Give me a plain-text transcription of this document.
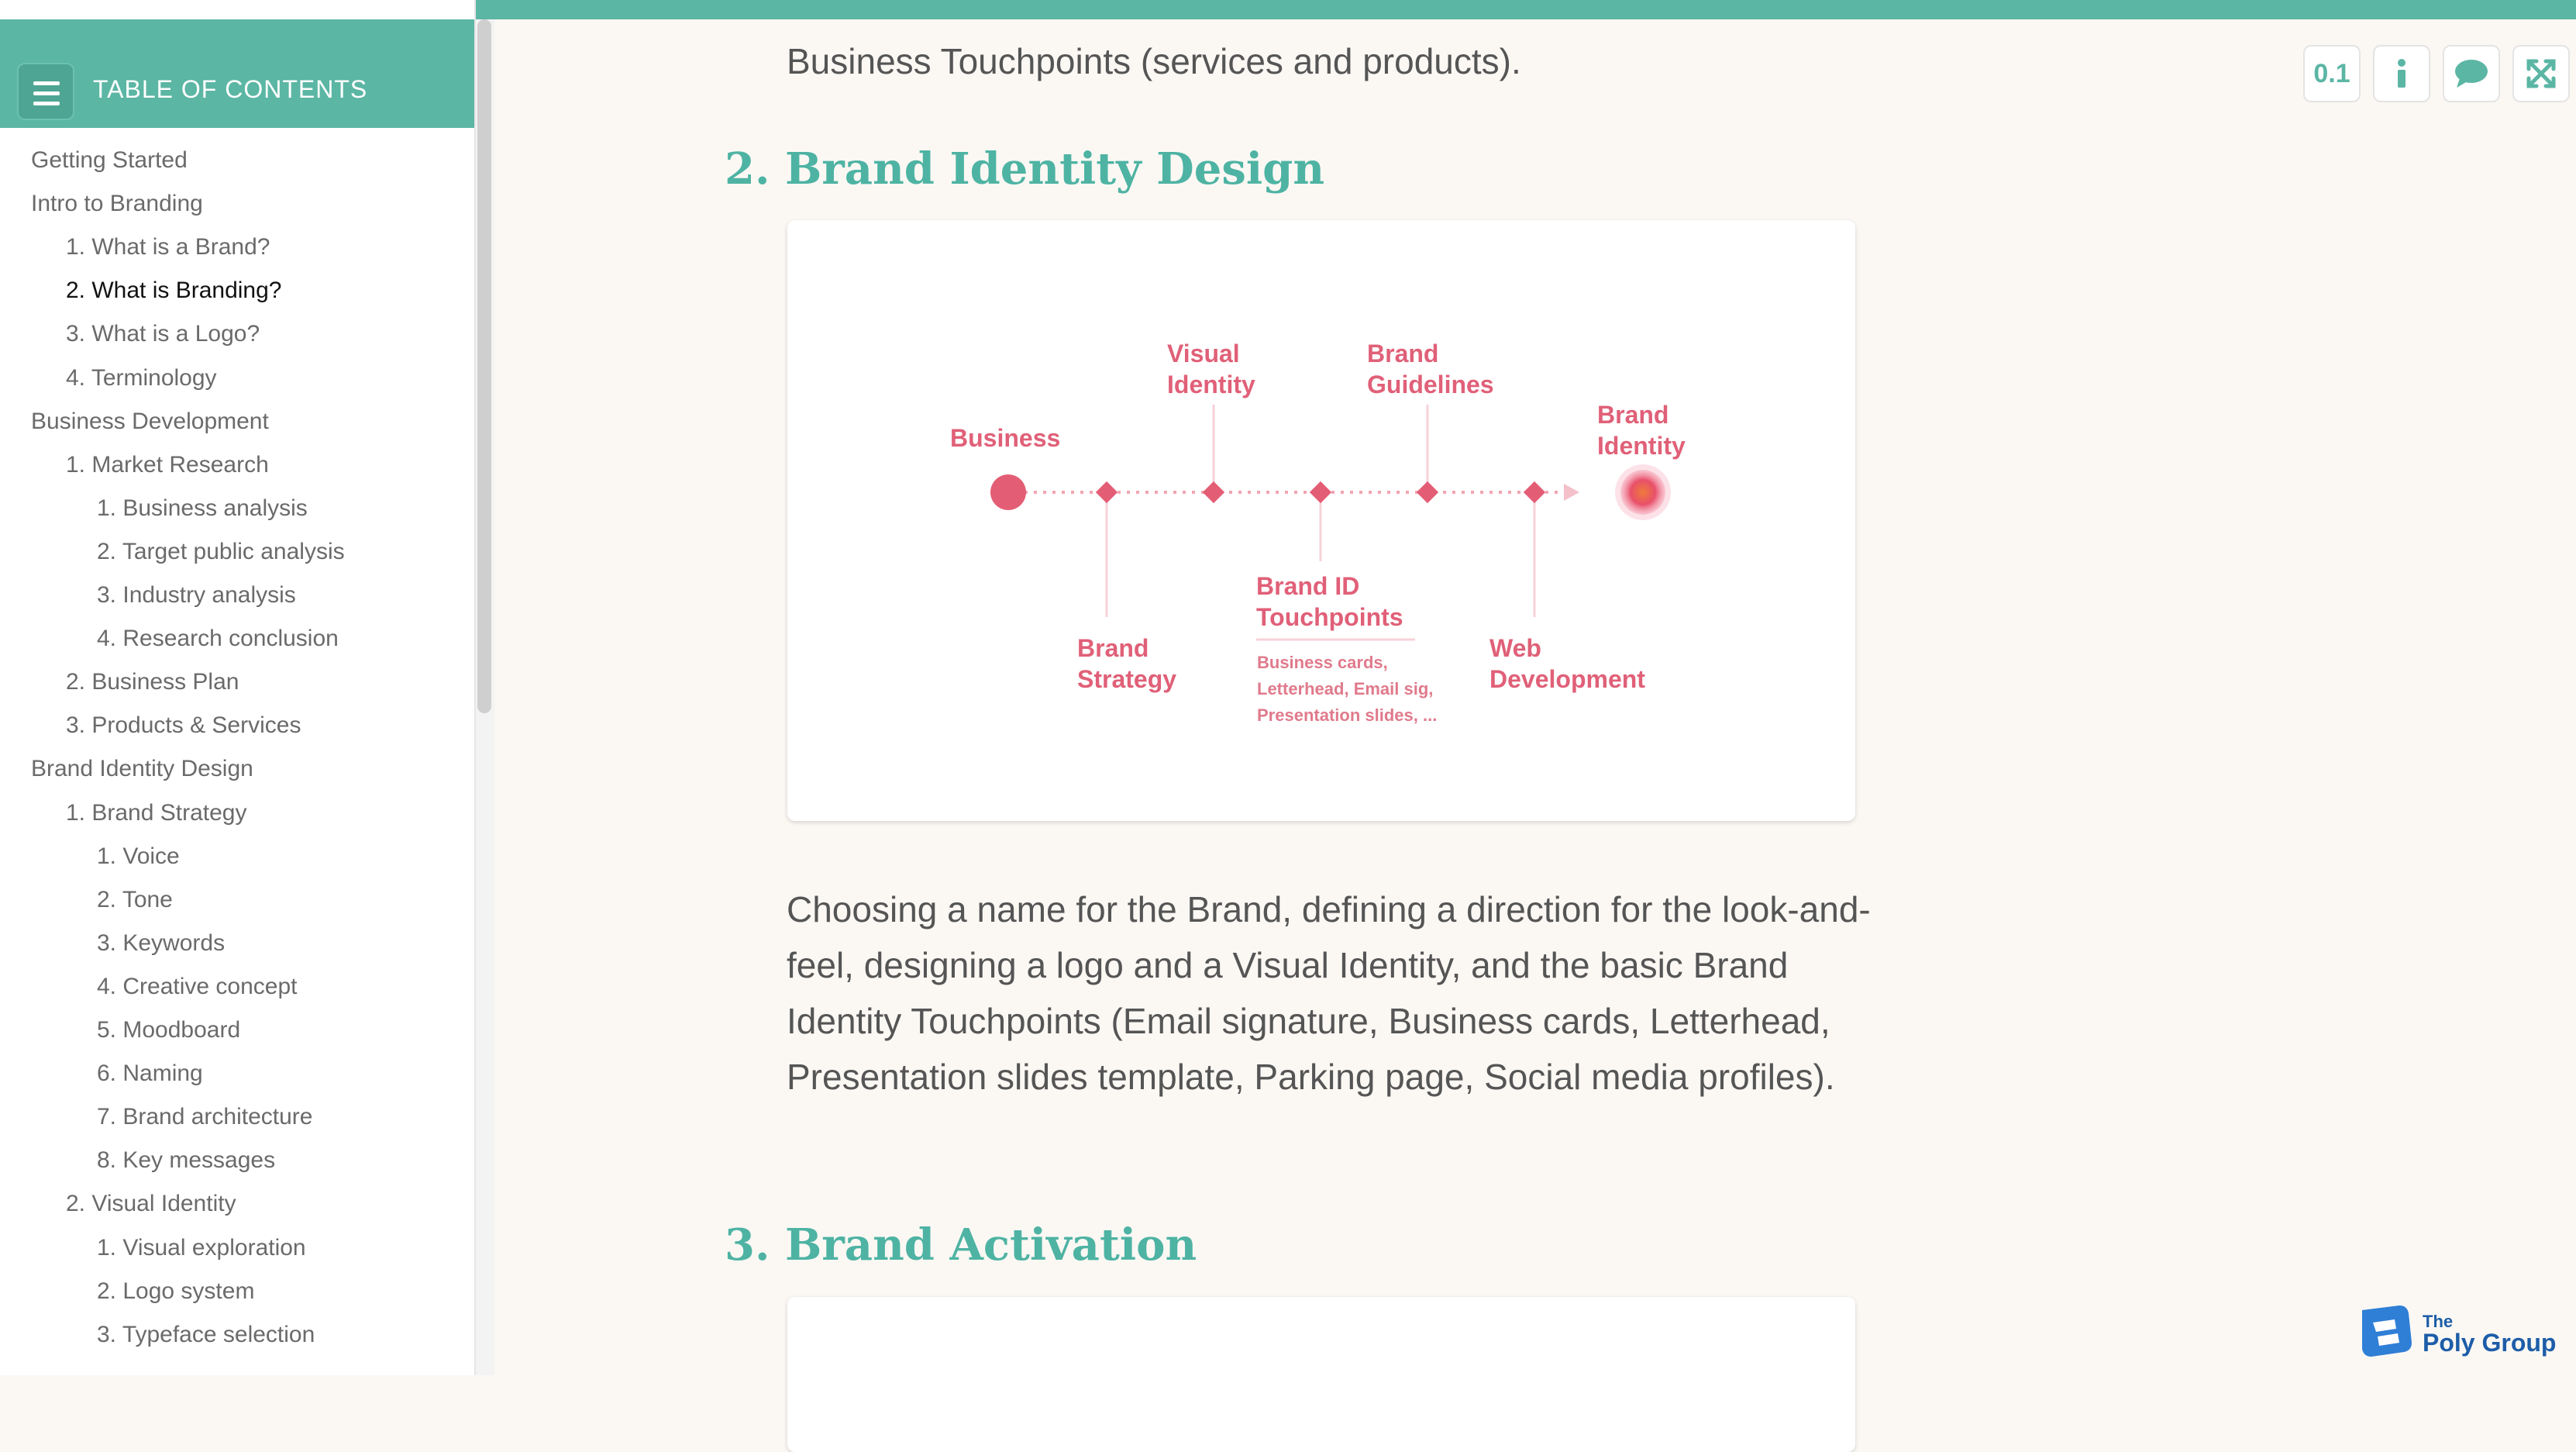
TABLE OF CONTENTS
Getting Started
Intro to Branding
1. What is a Brand?
2. What is Branding?
3. What is a Logo?
4. Terminology
Business Development
1. Market Research
1. Business analysis
2. Target public analysis
3. Industry analysis
4. Research conclusion
2. Business Plan
3. Products & Services
Brand Identity Design
1. Brand Strategy
1. Voice
2. Tone
3. Keywords
4. Creative concept
5. Moodboard
6. Naming
7. Brand architecture
8. Key messages
2. Visual Identity
1. Visual exploration
2. Logo system
3. Typeface selection
Business Touchpoints (services and products).
2. Brand Identity Design
Business
Visual
Identity
Brand
Guidelines
Brand
Identity
Brand
Strategy
Brand ID
Touchpoints
Business cards,
Letterhead, Email sig,
Presentation slides, ...
Web
Development
Choosing a name for the Brand, defining a direction for the look-and-feel, designing a logo and a Visual Identity, and the basic Brand Identity Touchpoints (Email signature, Business cards, Letterhead, Presentation slides template, Parking page, Social media profiles).
3. Brand Activation
0.1
The
Poly Group
